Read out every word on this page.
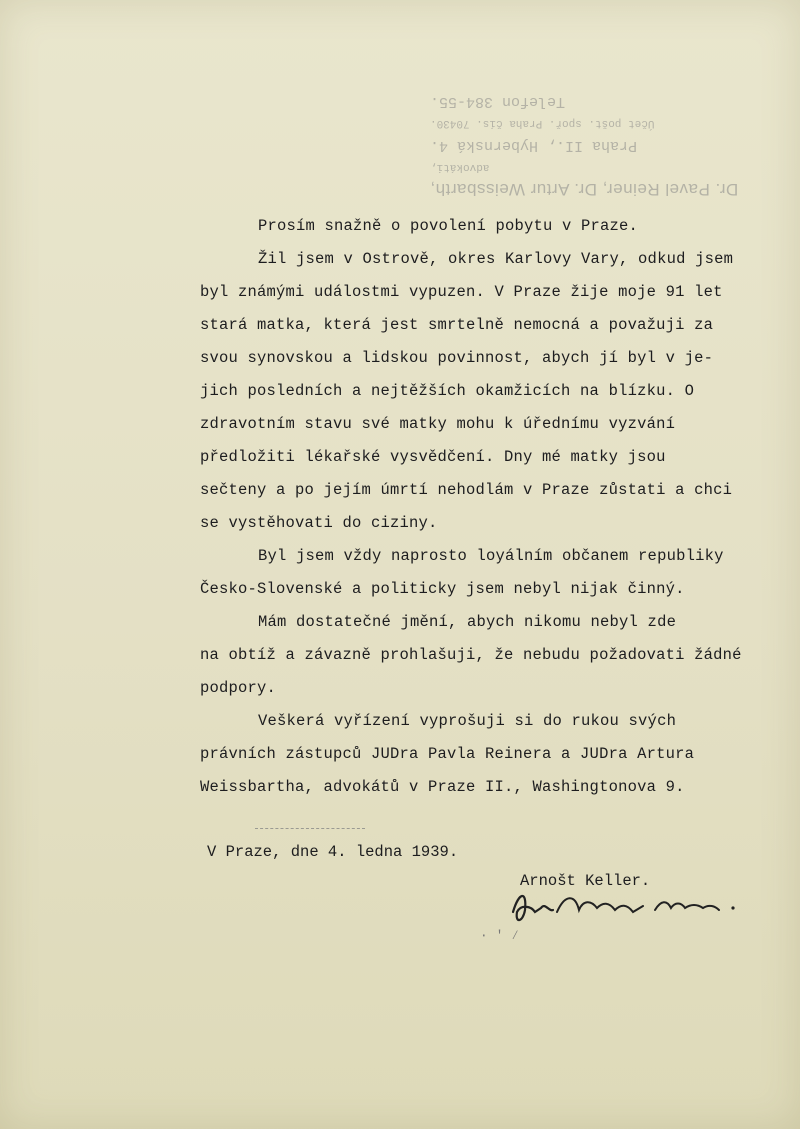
Dr. Pavel Reiner, Dr. Artur Weissbarth,
advokáti,
Praha II., Hybernská 4.
Účet pošt. spoř. Praha čís. 70430.
Telefon 384-55.
Prosím snažně o povolení pobytu v Praze.

Žil jsem v Ostrově, okres Karlovy Vary, odkud jsem

byl známými událostmi vypuzen. V Praze žije moje 91 let

stará matka, která jest smrtelně nemocná a považuji za

svou synovskou a lidskou povinnost, abych jí byl v je-

jich posledních a nejtěžších okamžicích na blízku. O

zdravotním stavu své matky mohu k úřednímu vyzvání

předložiti lékařské vysvědčení. Dny mé matky jsou

sečteny a po jejím úmrtí nehodlám v Praze zůstati a chci

se vystěhovati do ciziny.

Byl jsem vždy naprosto loyálním občanem republiky

Česko-Slovenské a politicky jsem nebyl nijak činný.

Mám dostatečné jmění, abych nikomu nebyl zde

na obtíž a závazně prohlašuji, že nebudu požadovati žádné

podpory.

Veškerá vyřízení vyprošuji si do rukou svých

právních zástupců JUDra Pavla Reinera a JUDra Artura

Weissbartha, advokátů v Praze II., Washingtonova 9.

V Praze, dne 4. ledna 1939.
Arnošt Keller.
∙ ′ ⁄
